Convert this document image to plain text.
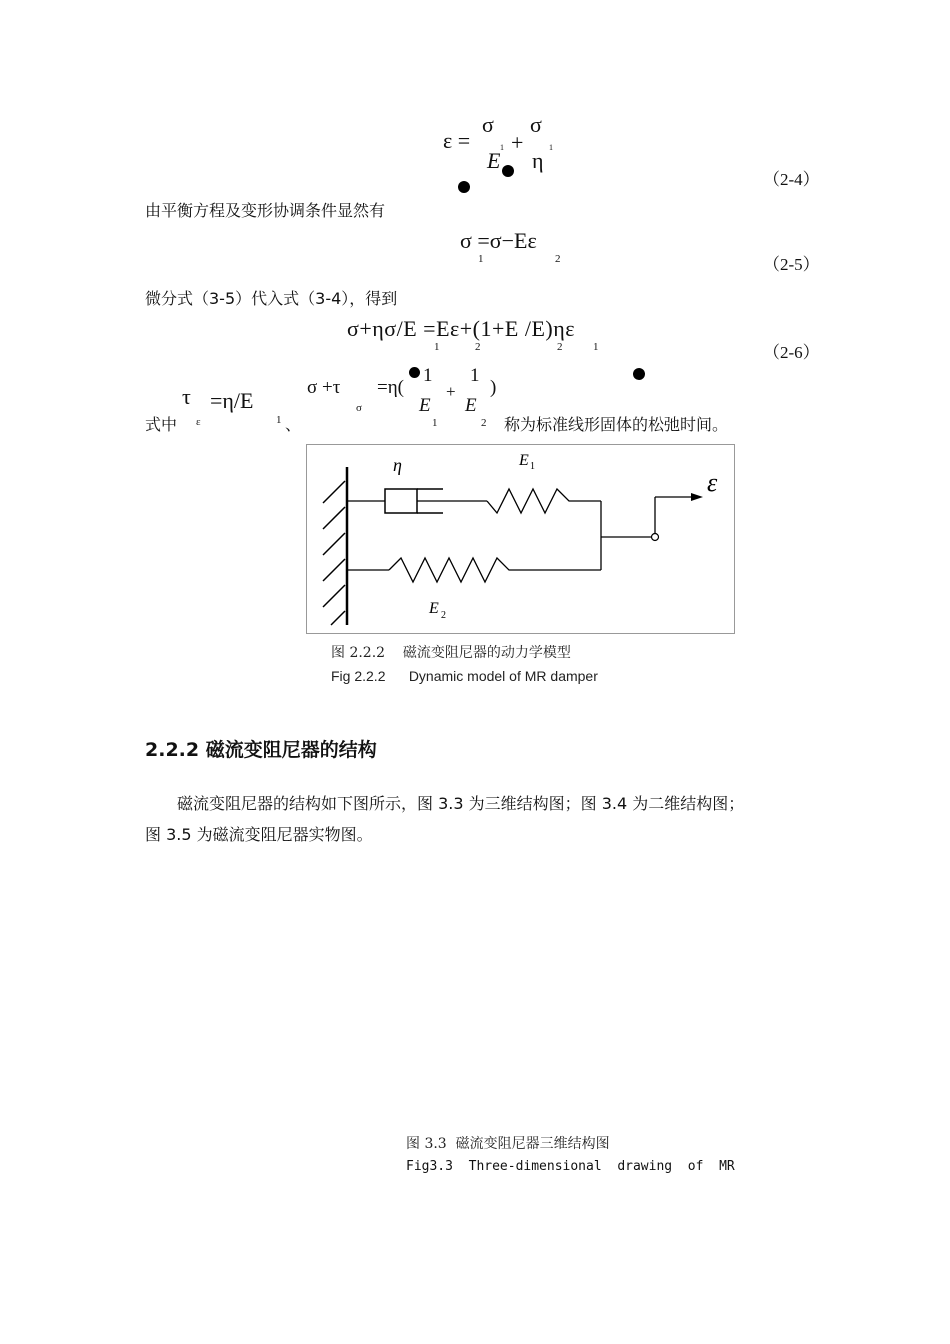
ε =
σ
1 +
σ
1
E η
（2-4）
由平衡方程及变形协调条件显然有
σ =σ−Eε
1	2	（2-5）
微分式（3-5）代入式（3-4），得到
σ+ησ/E =Eε+(1+E /E)ηε
1	2	2	1	（2-6）
式中
τ
ε
=η/E
1 、
σ +τ
σ
=η(
1
+
1
)
E
1
E
2 称为标准线形固体的松弛时间。
η	E 1
E 2
ε
图 2.2.2    磁流变阻尼器的动力学模型
Fig 2.2.2      Dynamic model of MR damper
2.2.2 磁流变阻尼器的结构
磁流变阻尼器的结构如下图所示，图 3.3 为三维结构图；图 3.4 为二维结构图；
图 3.5 为磁流变阻尼器实物图。
图 3.3  磁流变阻尼器三维结构图
Fig3.3  Three-dimensional  drawing  of  MR
